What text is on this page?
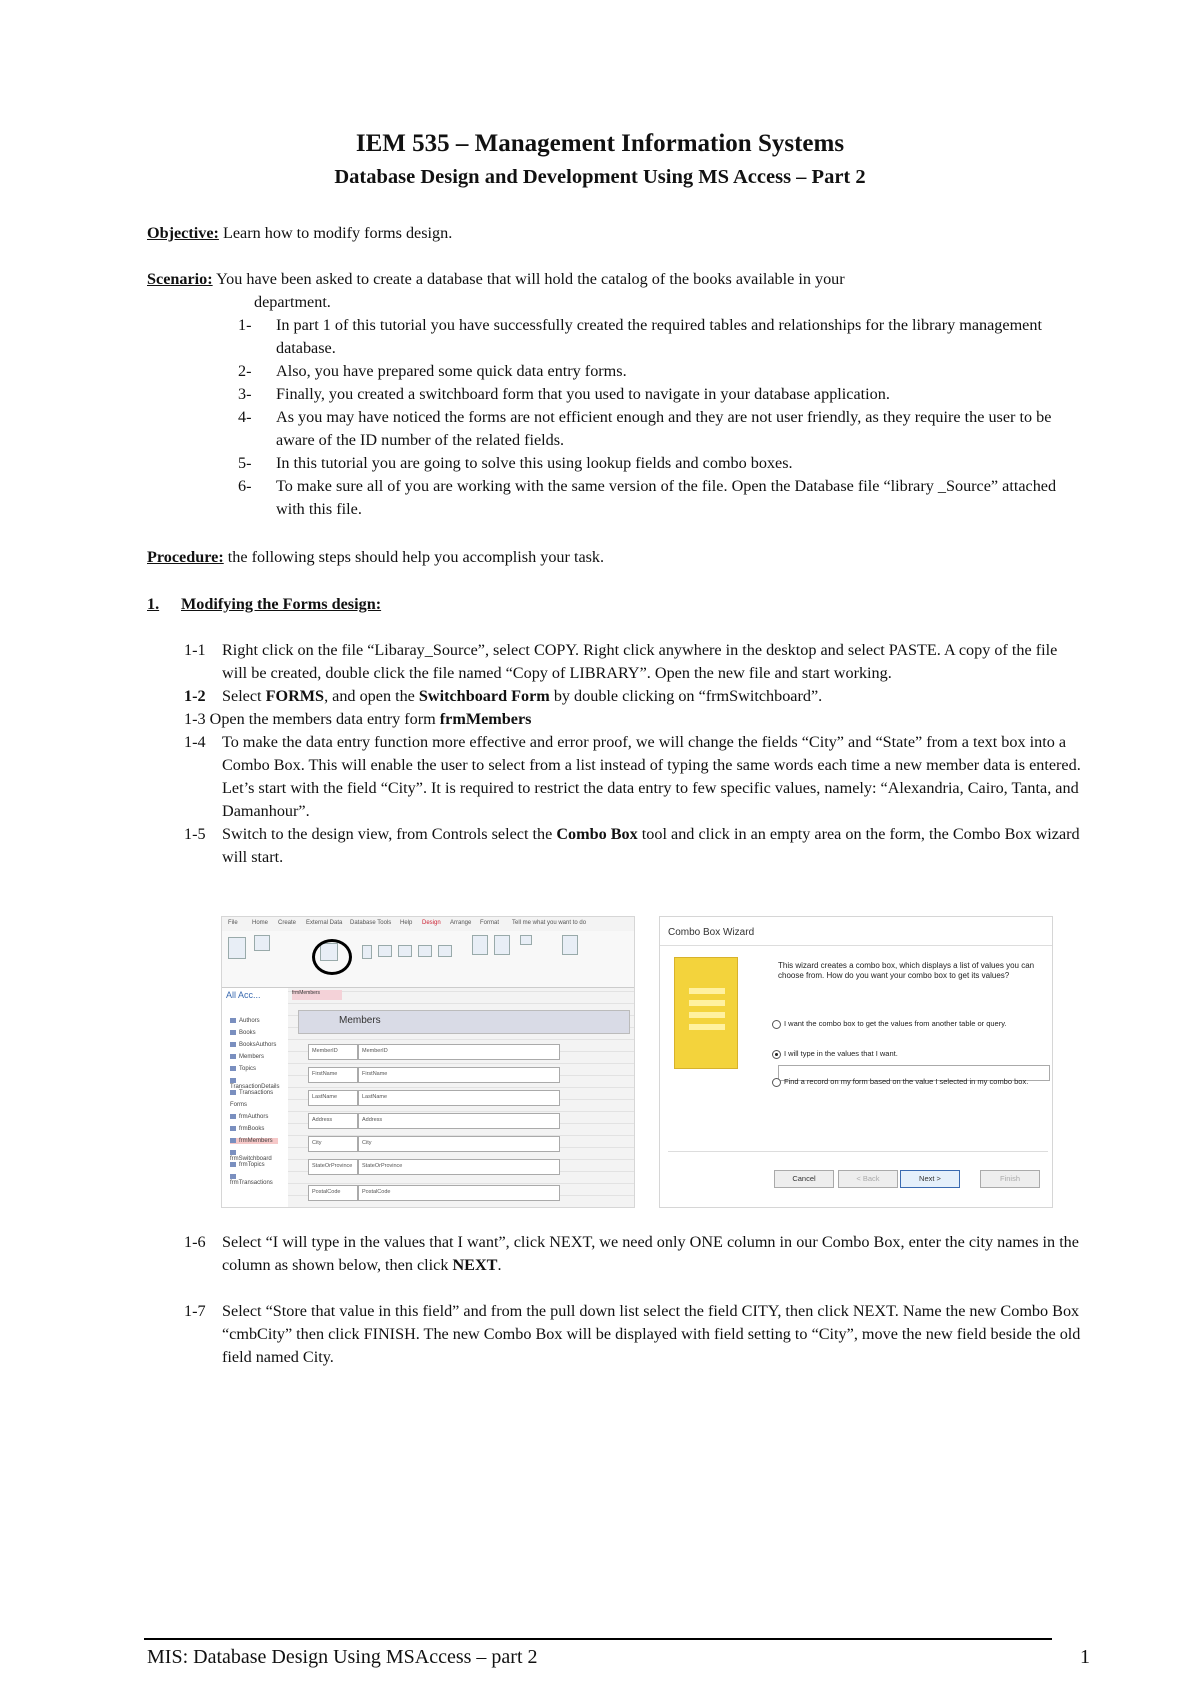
IEM 535 – Management Information Systems
Database Design and Development Using MS Access – Part 2
Objective: Learn how to modify forms design.
Scenario: You have been asked to create a database that will hold the catalog of the books available in your
department.
1-	In part 1 of this tutorial you have successfully created the required tables and relationships for the library management database.
2-	Also, you have prepared some quick data entry forms.
3-	Finally, you created a switchboard form that you used to navigate in your database application.
4-	As you may have noticed the forms are not efficient enough and they are not user friendly, as they require the user to be aware of the ID number of the related fields.
5-	In this tutorial you are going to solve this using lookup fields and combo boxes.
6-	To make sure all of you are working with the same version of the file. Open the Database file “library _Source” attached with this file.
Procedure: the following steps should help you accomplish your task.
1. Modifying the Forms design:
1-1	Right click on the file “Libaray_Source”, select COPY. Right click anywhere in the desktop and select PASTE. A copy of the file will be created, double click the file named “Copy of LIBRARY”. Open the new file and start working.
1-2	Select FORMS, and open the Switchboard Form by double clicking on “frmSwitchboard”.
1-3 Open the members data entry form frmMembers
1-4	To make the data entry function more effective and error proof, we will change the fields “City” and “State” from a text box into a Combo Box. This will enable the user to select from a list instead of typing the same words each time a new member data is entered. Let’s start with the field “City”. It is required to restrict the data entry to few specific values, namely: “Alexandria, Cairo, Tanta, and Damanhour”.
1-5	Switch to the design view, from Controls select the Combo Box tool and click in an empty area on the form, the Combo Box wizard will start.
File Home Create External Data Database Tools Help Design Arrange Format Tell me what you want to do
All Acc...
Authors
Books
BooksAuthors
Members
Topics
TransactionDetails
Transactions
Forms
frmAuthors
frmBooks
frmMembers
frmSwitchboard
frmTopics
frmTransactions
frmMembers
Members
MemberID	MemberID
FirstName	FirstName
LastName	LastName
Address	Address
City	City
StateOrProvince StateOrProvince
PostalCode	PostalCode
Combo Box Wizard
This wizard creates a combo box, which displays a list of values you can choose from. How do you want your combo box to get its values?
I want the combo box to get the values from another table or query.
I will type in the values that I want.
Find a record on my form based on the value I selected in my combo box.
Cancel	< Back	Next >	Finish
1-6	Select “I will type in the values that I want”, click NEXT, we need only ONE column in our Combo Box, enter the city names in the column as shown below, then click NEXT.
1-7	Select “Store that value in this field” and from the pull down list select the field CITY, then click NEXT. Name the new Combo Box “cmbCity” then click FINISH. The new Combo Box will be displayed with field setting to “City”, move the new field beside the old field named City.
MIS: Database Design Using MSAccess – part 2	1
